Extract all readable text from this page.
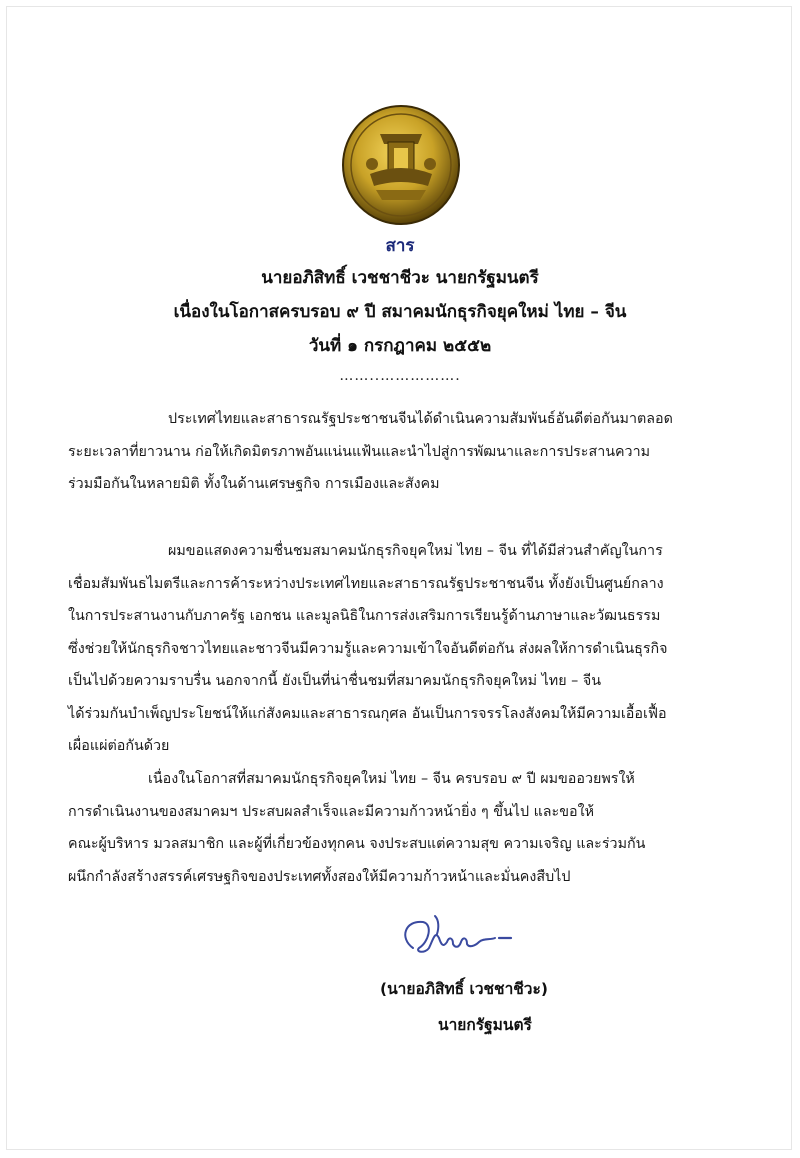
สาร
นายอภิสิทธิ์ เวชชาชีวะ นายกรัฐมนตรี
เนื่องในโอกาสครบรอบ ๙ ปี สมาคมนักธุรกิจยุคใหม่ ไทย – จีน
วันที่ ๑ กรกฎาคม ๒๕๕๒
……..…………….
ประเทศไทยและสาธารณรัฐประชาชนจีนได้ดำเนินความสัมพันธ์อันดีต่อกันมาตลอด
ระยะเวลาที่ยาวนาน ก่อให้เกิดมิตรภาพอันแน่นแฟ้นและนำไปสู่การพัฒนาและการประสานความ
ร่วมมือกันในหลายมิติ ทั้งในด้านเศรษฐกิจ การเมืองและสังคม
ผมขอแสดงความชื่นชมสมาคมนักธุรกิจยุคใหม่ ไทย – จีน ที่ได้มีส่วนสำคัญในการ
เชื่อมสัมพันธไมตรีและการค้าระหว่างประเทศไทยและสาธารณรัฐประชาชนจีน ทั้งยังเป็นศูนย์กลาง
ในการประสานงานกับภาครัฐ เอกชน และมูลนิธิในการส่งเสริมการเรียนรู้ด้านภาษาและวัฒนธรรม
ซึ่งช่วยให้นักธุรกิจชาวไทยและชาวจีนมีความรู้และความเข้าใจอันดีต่อกัน ส่งผลให้การดำเนินธุรกิจ
เป็นไปด้วยความราบรื่น นอกจากนี้ ยังเป็นที่น่าชื่นชมที่สมาคมนักธุรกิจยุคใหม่ ไทย – จีน
ได้ร่วมกันบำเพ็ญประโยชน์ให้แก่สังคมและสาธารณกุศล อันเป็นการจรรโลงสังคมให้มีความเอื้อเฟื้อ
เผื่อแผ่ต่อกันด้วย
เนื่องในโอกาสที่สมาคมนักธุรกิจยุคใหม่ ไทย – จีน ครบรอบ ๙ ปี ผมขออวยพรให้
การดำเนินงานของสมาคมฯ ประสบผลสำเร็จและมีความก้าวหน้ายิ่ง ๆ ขึ้นไป และขอให้
คณะผู้บริหาร มวลสมาชิก และผู้ที่เกี่ยวข้องทุกคน จงประสบแต่ความสุข ความเจริญ และร่วมกัน
ผนึกกำลังสร้างสรรค์เศรษฐกิจของประเทศทั้งสองให้มีความก้าวหน้าและมั่นคงสืบไป
(นายอภิสิทธิ์ เวชชาชีวะ)
นายกรัฐมนตรี
